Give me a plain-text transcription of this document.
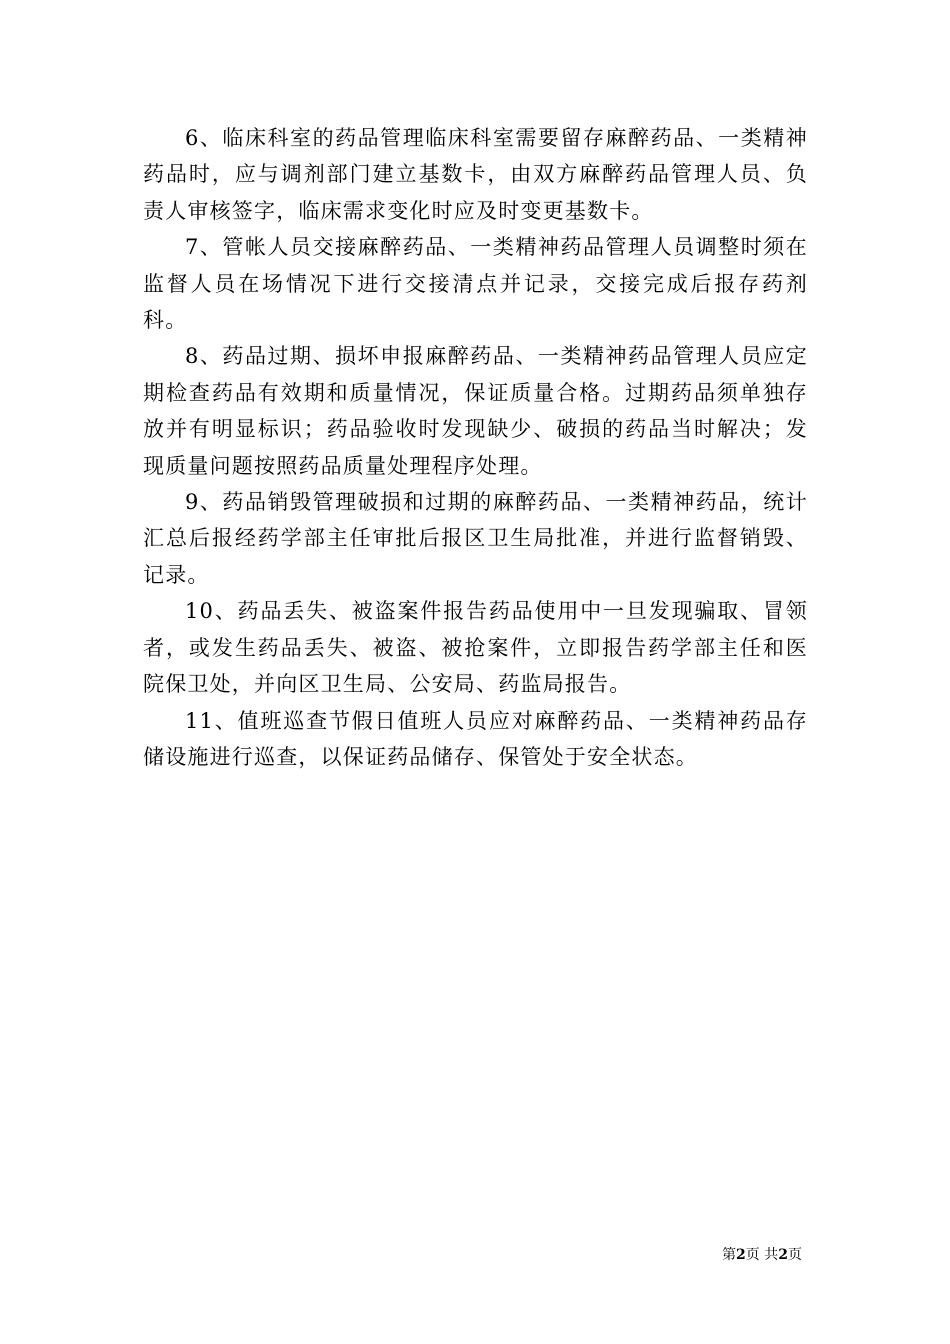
6、临床科室的药品管理临床科室需要留存麻醉药品、一类精神药品时，应与调剂部门建立基数卡，由双方麻醉药品管理人员、负责人审核签字，临床需求变化时应及时变更基数卡。

7、管帐人员交接麻醉药品、一类精神药品管理人员调整时须在监督人员在场情况下进行交接清点并记录，交接完成后报存药剂科。

8、药品过期、损坏申报麻醉药品、一类精神药品管理人员应定期检查药品有效期和质量情况，保证质量合格。过期药品须单独存放并有明显标识；药品验收时发现缺少、破损的药品当时解决；发现质量问题按照药品质量处理程序处理。

9、药品销毁管理破损和过期的麻醉药品、一类精神药品，统计汇总后报经药学部主任审批后报区卫生局批准，并进行监督销毁、记录。

10、药品丢失、被盗案件报告药品使用中一旦发现骗取、冒领者，或发生药品丢失、被盗、被抢案件，立即报告药学部主任和医院保卫处，并向区卫生局、公安局、药监局报告。

11、值班巡查节假日值班人员应对麻醉药品、一类精神药品存储设施进行巡查，以保证药品储存、保管处于安全状态。

第2页 共2页
